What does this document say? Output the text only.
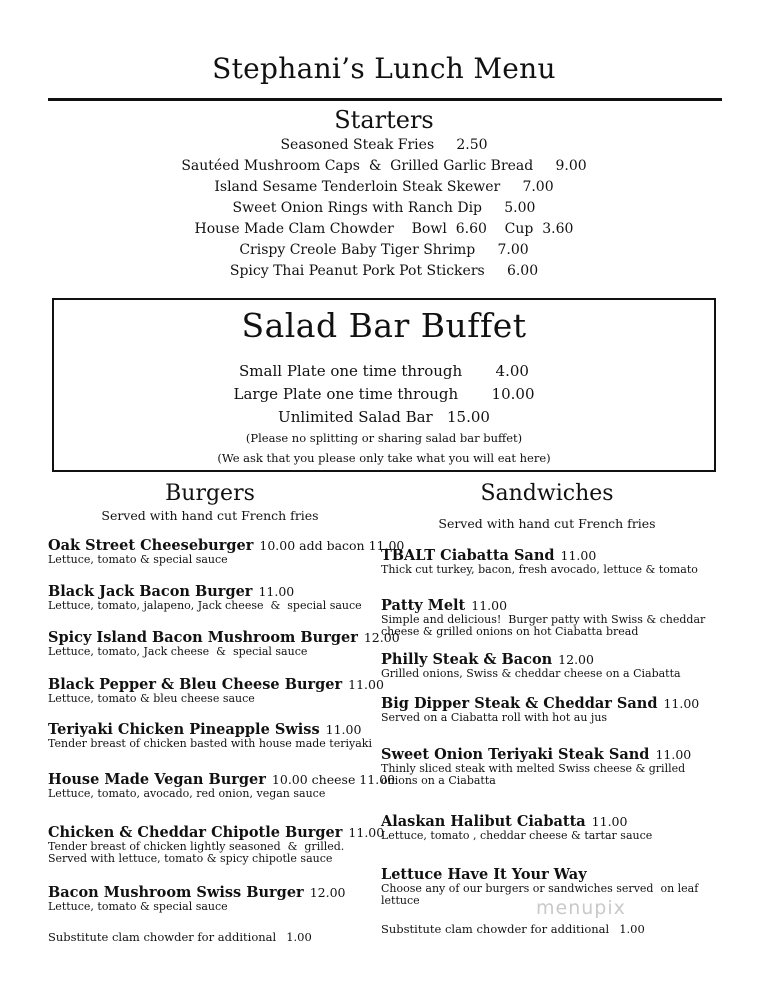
Stephani’s Lunch Menu
Starters
Seasoned Steak Fries     2.50
Sautéed Mushroom Caps  &  Grilled Garlic Bread     9.00
Island Sesame Tenderloin Steak Skewer     7.00
Sweet Onion Rings with Ranch Dip     5.00
House Made Clam Chowder    Bowl  6.60    Cup  3.60
Crispy Creole Baby Tiger Shrimp     7.00
Spicy Thai Peanut Pork Pot Stickers     6.00
Salad Bar Buffet
Small Plate one time through       4.00
Large Plate one time through       10.00
Unlimited Salad Bar   15.00
(Please no splitting or sharing salad bar buffet)
(We ask that you please only take what you will eat here)
Burgers
Served with hand cut French fries
Oak Street Cheeseburger 10.00 add bacon 11.00
Lettuce, tomato & special sauce
Black Jack Bacon Burger 11.00
Lettuce, tomato, jalapeno, Jack cheese  &  special sauce
Spicy Island Bacon Mushroom Burger 12.00
Lettuce, tomato, Jack cheese  &  special sauce
Black Pepper & Bleu Cheese Burger 11.00
Lettuce, tomato & bleu cheese sauce
Teriyaki Chicken Pineapple Swiss 11.00
Tender breast of chicken basted with house made teriyaki
House Made Vegan Burger 10.00 cheese 11.00
Lettuce, tomato, avocado, red onion, vegan sauce
Chicken & Cheddar Chipotle Burger 11.00
Tender breast of chicken lightly seasoned  &  grilled.
Served with lettuce, tomato & spicy chipotle sauce
Bacon Mushroom Swiss Burger 12.00
Lettuce, tomato & special sauce
Substitute clam chowder for additional 1.00
Sandwiches
Served with hand cut French fries
TBALT Ciabatta Sand 11.00
Thick cut turkey, bacon, fresh avocado, lettuce & tomato
Patty Melt 11.00
Simple and delicious!  Burger patty with Swiss & cheddar
cheese & grilled onions on hot Ciabatta bread
Philly Steak & Bacon 12.00
Grilled onions, Swiss & cheddar cheese on a Ciabatta
Big Dipper Steak & Cheddar Sand 11.00
Served on a Ciabatta roll with hot au jus
Sweet Onion Teriyaki Steak Sand 11.00
Thinly sliced steak with melted Swiss cheese & grilled
onions on a Ciabatta
Alaskan Halibut Ciabatta 11.00
Lettuce, tomato , cheddar cheese & tartar sauce
Lettuce Have It Your Way
Choose any of our burgers or sandwiches served  on leaf
lettuce
Substitute clam chowder for additional 1.00
menupix
